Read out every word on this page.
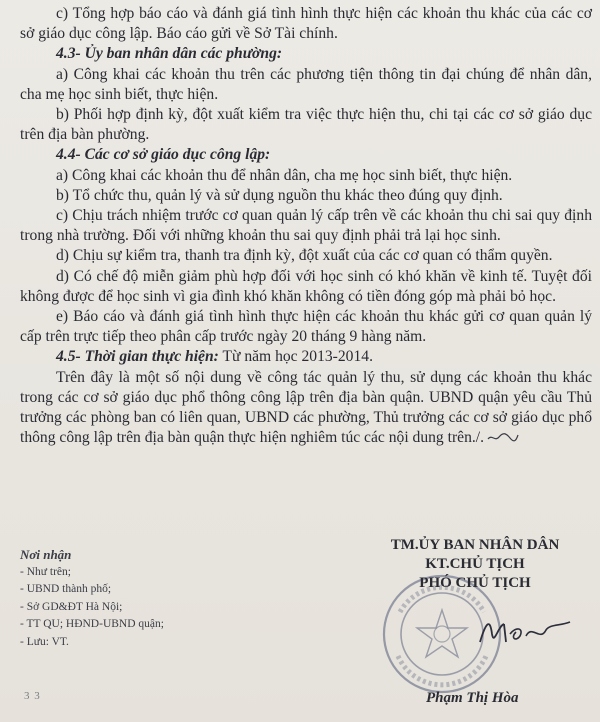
c) Tổng hợp báo cáo và đánh giá tình hình thực hiện các khoản thu khác của các cơ sở giáo dục công lập. Báo cáo gửi về Sở Tài chính.

4.3- Ủy ban nhân dân các phường:

a) Công khai các khoản thu trên các phương tiện thông tin đại chúng để nhân dân, cha mẹ học sinh biết, thực hiện.

b) Phối hợp định kỳ, đột xuất kiểm tra việc thực hiện thu, chi tại các cơ sở giáo dục trên địa bàn phường.

4.4- Các cơ sở giáo dục công lập:

a) Công khai các khoản thu để nhân dân, cha mẹ học sinh biết, thực hiện.

b) Tổ chức thu, quản lý và sử dụng nguồn thu khác theo đúng quy định.

c) Chịu trách nhiệm trước cơ quan quản lý cấp trên về các khoản thu chi sai quy định trong nhà trường. Đối với những khoản thu sai quy định phải trả lại học sinh.

d) Chịu sự kiểm tra, thanh tra định kỳ, đột xuất của các cơ quan có thẩm quyền.

d) Có chế độ miễn giảm phù hợp đối với học sinh có khó khăn về kinh tế. Tuyệt đối không được để học sinh vì gia đình khó khăn không có tiền đóng góp mà phải bỏ học.

e) Báo cáo và đánh giá tình hình thực hiện các khoản thu khác gửi cơ quan quản lý cấp trên trực tiếp theo phân cấp trước ngày 20 tháng 9 hàng năm.

4.5- Thời gian thực hiện: Từ năm học 2013-2014.

Trên đây là một số nội dung về công tác quản lý thu, sử dụng các khoản thu khác trong các cơ sở giáo dục phổ thông công lập trên địa bàn quận. UBND quận yêu cầu Thủ trưởng các phòng ban có liên quan, UBND các phường, Thủ trưởng các cơ sở giáo dục phổ thông công lập trên địa bàn quận thực hiện nghiêm túc các nội dung trên./.

Nơi nhận
- Như trên;
- UBND thành phố;
- Sở GD&ĐT Hà Nội;
- TT QU; HĐND-UBND quận;
- Lưu: VT.
TM.ỦY BAN NHÂN DÂN
KT.CHỦ TỊCH
PHÓ CHỦ TỊCH
Phạm Thị Hòa
3 3
